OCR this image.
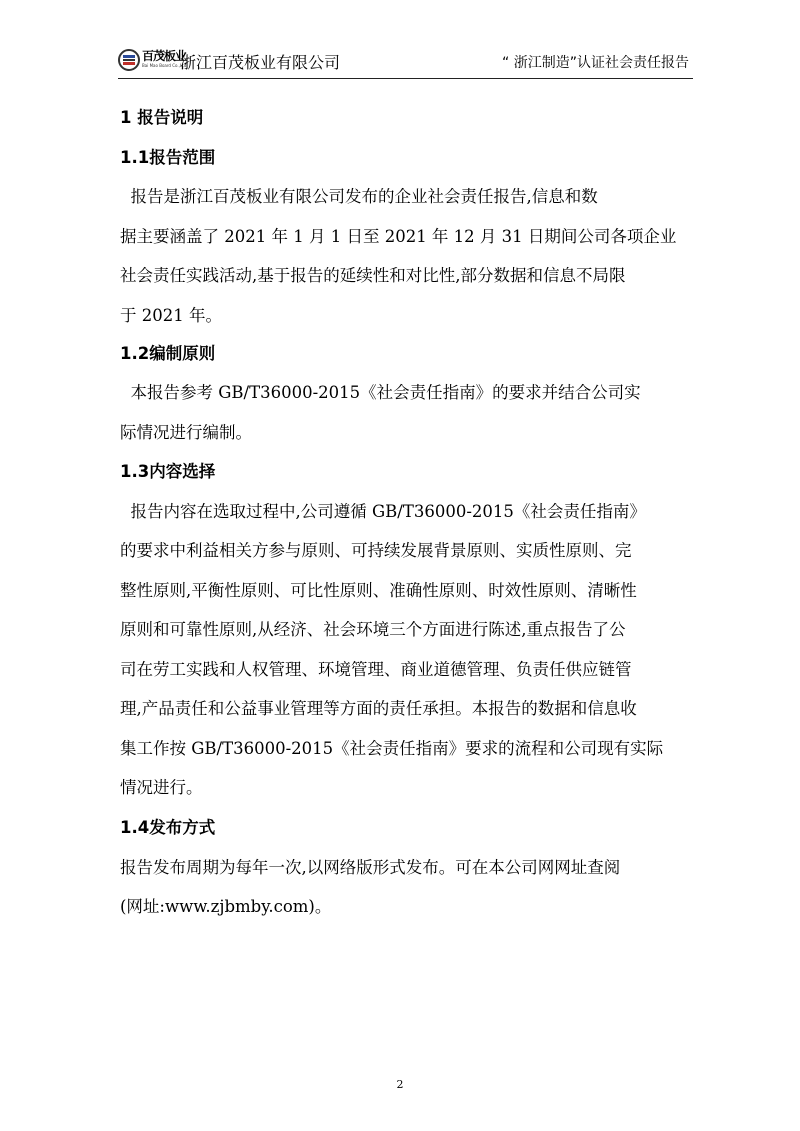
百茂板业
Bai Mao Board Co.,Ltd.
浙江百茂板业有限公司	“ 浙江制造”认证社会责任报告
1 报告说明
1.1报告范围
报告是浙江百茂板业有限公司发布的企业社会责任报告,信息和数
据主要涵盖了 2021 年 1 月 1 日至 2021 年 12 月 31 日期间公司各项企业
社会责任实践活动,基于报告的延续性和对比性,部分数据和信息不局限
于 2021 年。
1.2编制原则
本报告参考 GB/T36000-2015《社会责任指南》的要求并结合公司实
际情况进行编制。
1.3内容选择
报告内容在选取过程中,公司遵循 GB/T36000-2015《社会责任指南》
的要求中利益相关方参与原则、可持续发展背景原则、实质性原则、完
整性原则,平衡性原则、可比性原则、准确性原则、时效性原则、清晰性
原则和可靠性原则,从经济、社会环境三个方面进行陈述,重点报告了公
司在劳工实践和人权管理、环境管理、商业道德管理、负责任供应链管
理,产品责任和公益事业管理等方面的责任承担。本报告的数据和信息收
集工作按 GB/T36000-2015《社会责任指南》要求的流程和公司现有实际
情况进行。
1.4发布方式
报告发布周期为每年一次,以网络版形式发布。可在本公司网网址查阅
(网址:www.zjbmby.com)。
2
